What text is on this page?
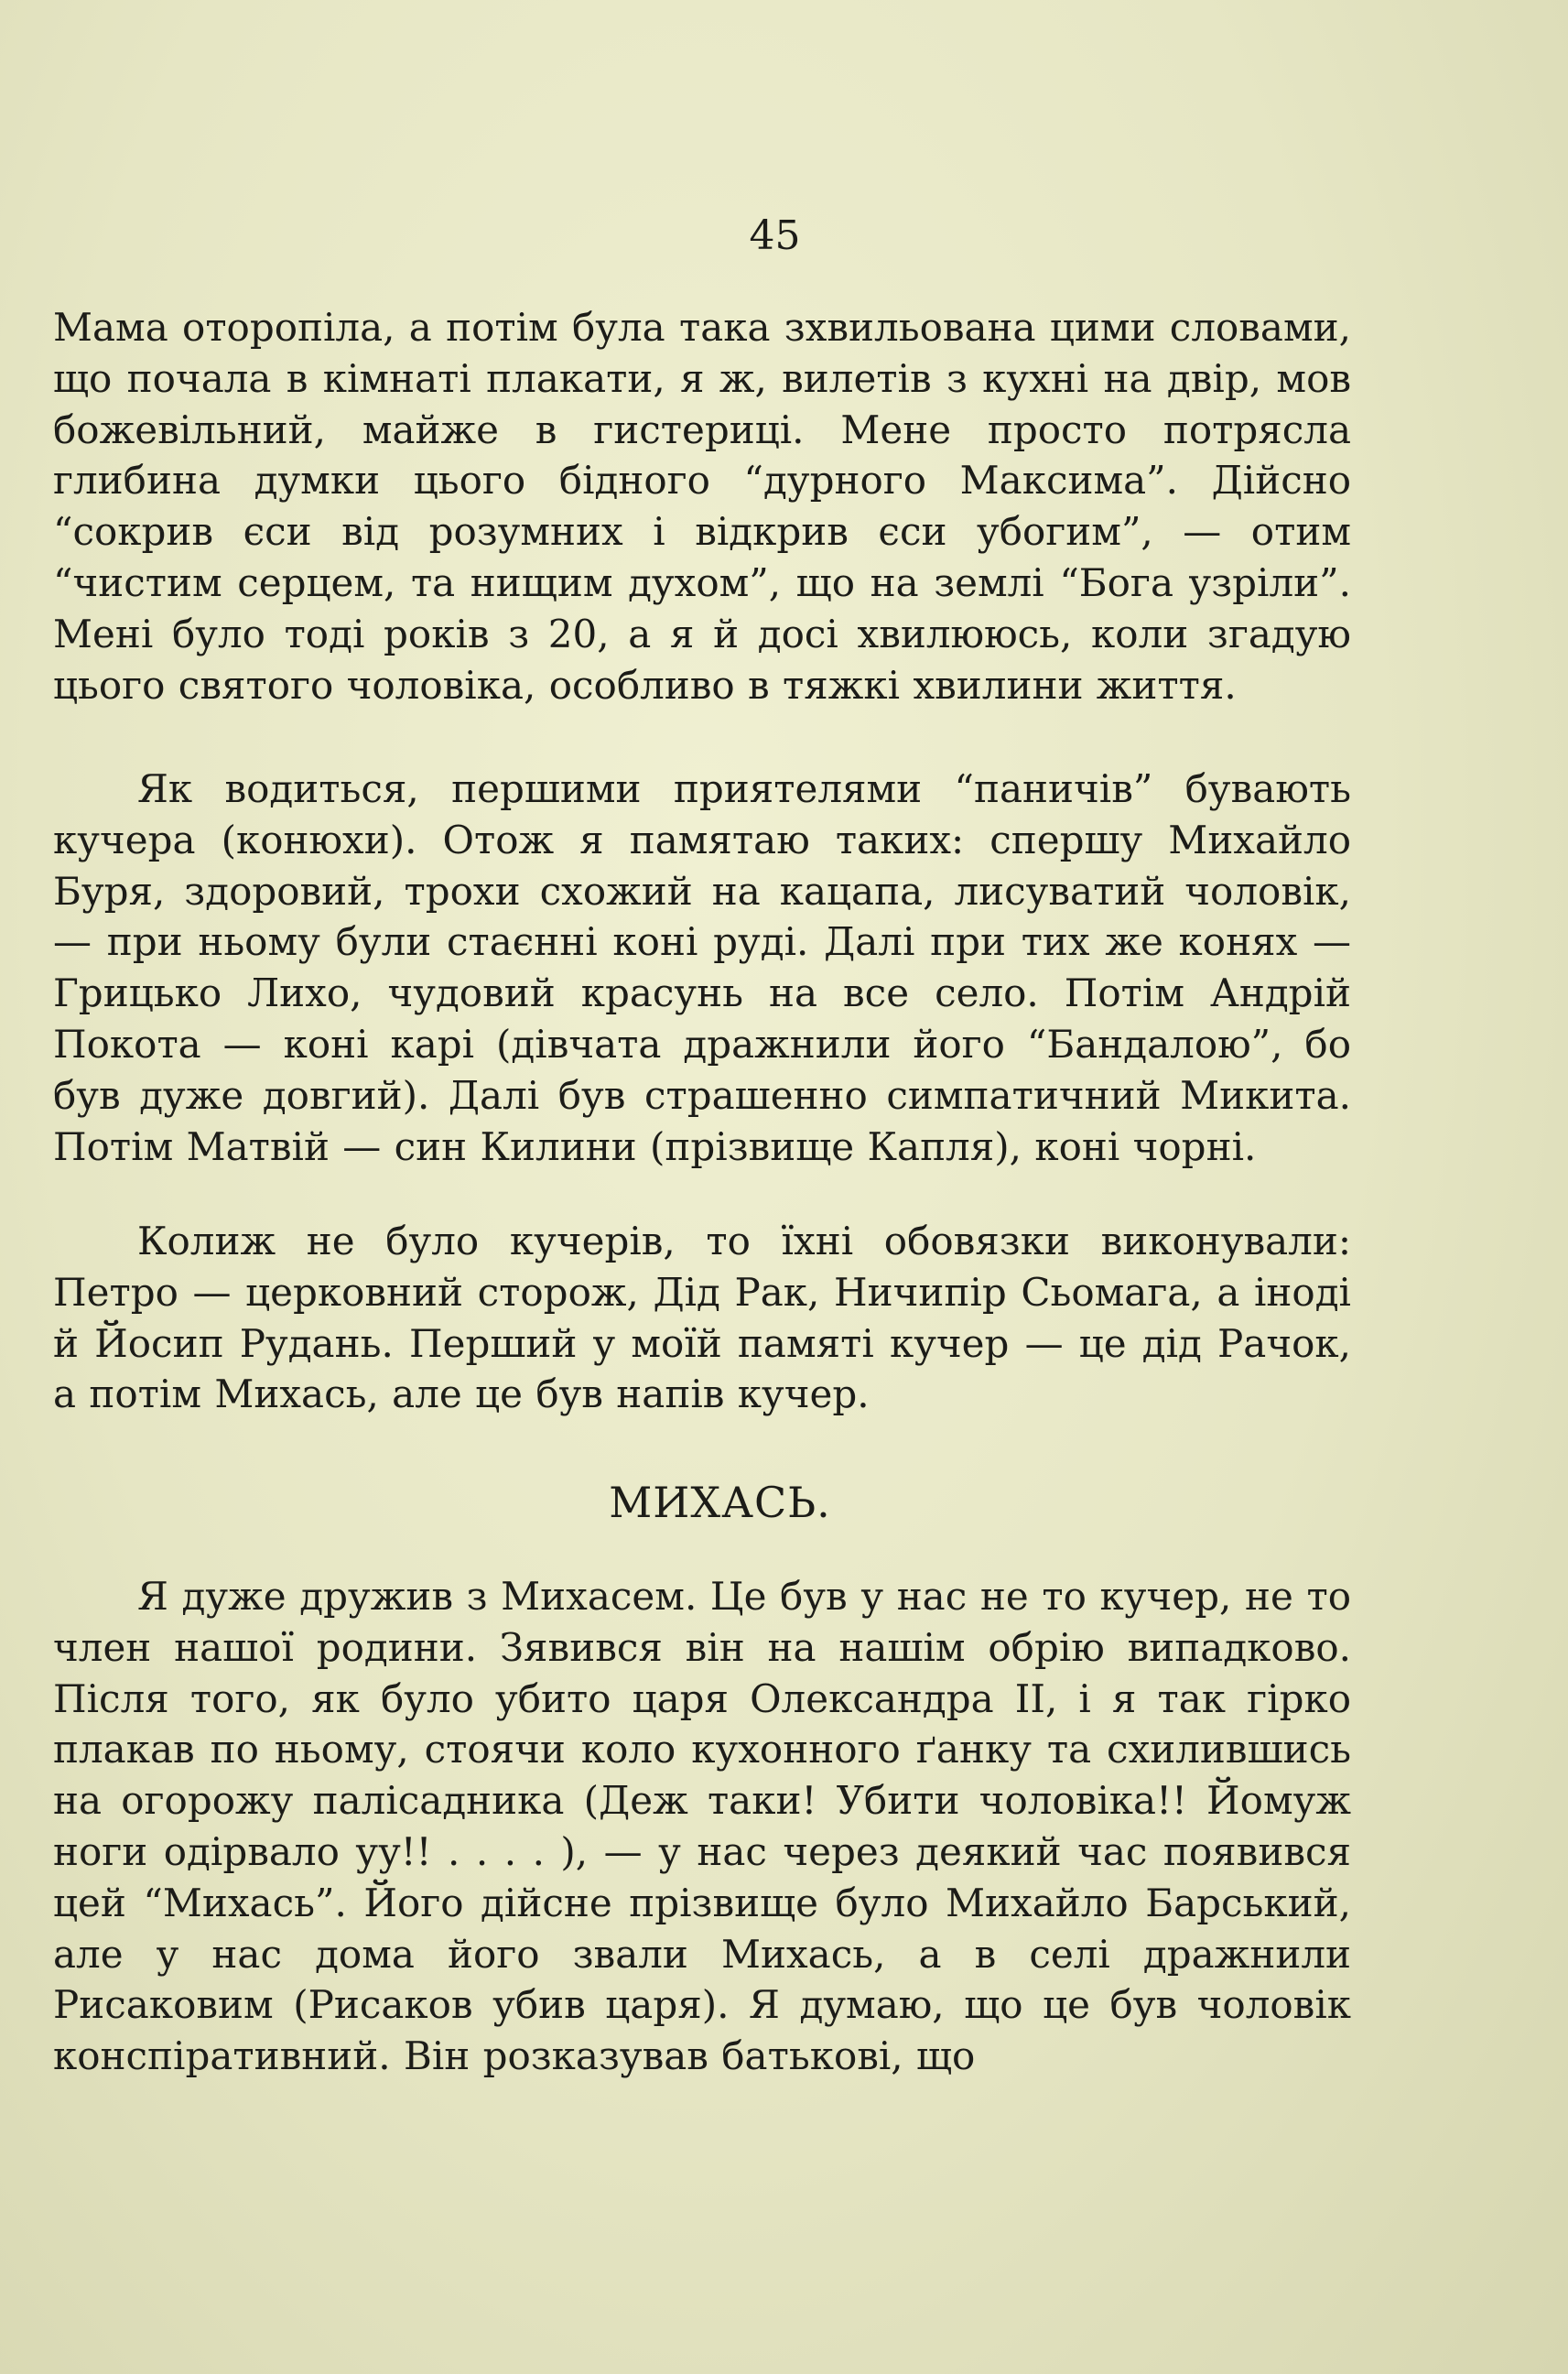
45

Мама оторопіла, а потім була така зхвильована цими словами, що почала в кімнаті плакати, я ж, вилетів з кухні на двір, мов божевільний, майже в гистериці. Мене просто потрясла глибина думки цього бідного “дурного Максима”. Дійсно “сокрив єси від розумних і відкрив єси убогим”, — отим “чистим серцем, та нищим духом”, що на землі “Бога узріли”. Мені було тоді років з 20, а я й досі хвилююсь, коли згадую цього святого чоловіка, особливо в тяжкі хвилини життя.

Як водиться, першими приятелями “паничів” бувають кучера (конюхи). Отож я памятаю таких: спершу Михайло Буря, здоровий, трохи схожий на кацапа, лисуватий чоловік, — при ньому були стаєнні коні руді. Далі при тих же конях — Грицько Лихо, чудовий красунь на все село. Потім Андрій Покота — коні карі (дівчата дражнили його “Бандалою”, бо був дуже довгий). Далі був страшенно симпатичний Микита. Потім Матвій — син Килини (прізвище Капля), коні чорні.

Колиж не було кучерів, то їхні обовязки виконували: Петро — церковний сторож, Дід Рак, Ничипір Сьомага, а іноді й Йосип Рудань. Перший у моїй памяті кучер — це дід Рачок, а потім Михась, але це був напів кучер.

МИХАСЬ.

Я дуже дружив з Михасем. Це був у нас не то кучер, не то член нашої родини. Зявився він на нашім обрію випадково. Після того, як було убито царя Олександра II, і я так гірко плакав по ньому, стоячи коло кухонного ґанку та схилившись на огорожу палісадника (Деж таки! Убити чоловіка!! Йомуж ноги одірвало уу!! . . . . ), — у нас через деякий час появився цей “Михась”. Його дійсне прізвище було Михайло Барський, але у нас дома його звали Михась, а в селі дражнили Рисаковим (Рисаков убив царя). Я думаю, що це був чоловік конспіративний. Він розказував батькові, що
